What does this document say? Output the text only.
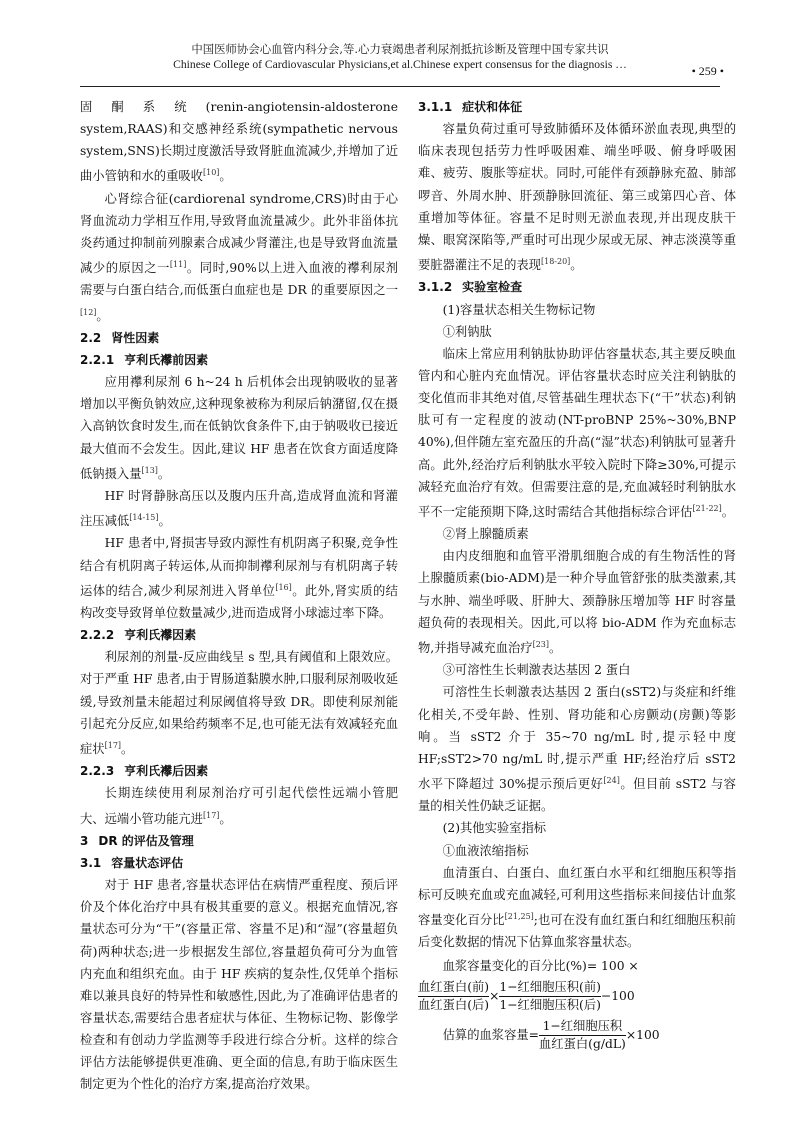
中国医师协会心血管内科分会,等.心力衰竭患者利尿剂抵抗诊断及管理中国专家共识
Chinese College of Cardiovascular Physicians,et al.Chinese expert consensus for the diagnosis …	• 259 •

固酮系统(renin-angiotensin-aldosterone system,RAAS)和交感神经系统(sympathetic nervous system,SNS)长期过度激活导致肾脏血流减少,并增加了近曲小管钠和水的重吸收[10]。

心肾综合征(cardiorenal syndrome,CRS)时由于心肾血流动力学相互作用,导致肾血流量减少。此外非甾体抗炎药通过抑制前列腺素合成减少肾灌注,也是导致肾血流量减少的原因之一[11]。同时,90%以上进入血液的襻利尿剂需要与白蛋白结合,而低蛋白血症也是 DR 的重要原因之一[12]。

2.2 肾性因素
2.2.1 亨利氏襻前因素

应用襻利尿剂 6 h~24 h 后机体会出现钠吸收的显著增加以平衡负钠效应,这种现象被称为利尿后钠潴留,仅在摄入高钠饮食时发生,而在低钠饮食条件下,由于钠吸收已接近最大值而不会发生。因此,建议 HF 患者在饮食方面适度降低钠摄入量[13]。

HF 时肾静脉高压以及腹内压升高,造成肾血流和肾灌注压减低[14-15]。

HF 患者中,肾损害导致内源性有机阴离子积聚,竞争性结合有机阴离子转运体,从而抑制襻利尿剂与有机阴离子转运体的结合,减少利尿剂进入肾单位[16]。此外,肾实质的结构改变导致肾单位数量减少,进而造成肾小球滤过率下降。

2.2.2 亨利氏襻因素

利尿剂的剂量-反应曲线呈 s 型,具有阈值和上限效应。对于严重 HF 患者,由于胃肠道黏膜水肿,口服利尿剂吸收延缓,导致剂量未能超过利尿阈值将导致 DR。即使利尿剂能引起充分反应,如果给药频率不足,也可能无法有效减轻充血症状[17]。

2.2.3 亨利氏襻后因素

长期连续使用利尿剂治疗可引起代偿性远端小管肥大、远端小管功能亢进[17]。

3 DR 的评估及管理
3.1 容量状态评估

对于 HF 患者,容量状态评估在病情严重程度、预后评价及个体化治疗中具有极其重要的意义。根据充血情况,容量状态可分为“干”(容量正常、容量不足)和“湿”(容量超负荷)两种状态;进一步根据发生部位,容量超负荷可分为血管内充血和组织充血。由于 HF 疾病的复杂性,仅凭单个指标难以兼具良好的特异性和敏感性,因此,为了准确评估患者的容量状态,需要结合患者症状与体征、生物标记物、影像学检查和有创动力学监测等手段进行综合分析。这样的综合评估方法能够提供更准确、更全面的信息,有助于临床医生制定更为个性化的治疗方案,提高治疗效果。

3.1.1 症状和体征

容量负荷过重可导致肺循环及体循环淤血表现,典型的临床表现包括劳力性呼吸困难、端坐呼吸、俯身呼吸困难、疲劳、腹胀等症状。同时,可能伴有颈静脉充盈、肺部啰音、外周水肿、肝颈静脉回流征、第三或第四心音、体重增加等体征。容量不足时则无淤血表现,并出现皮肤干燥、眼窝深陷等,严重时可出现少尿或无尿、神志淡漠等重要脏器灌注不足的表现[18-20]。

3.1.2 实验室检查

(1)容量状态相关生物标记物

①利钠肽

临床上常应用利钠肽协助评估容量状态,其主要反映血管内和心脏内充血情况。评估容量状态时应关注利钠肽的变化值而非其绝对值,尽管基础生理状态下(“干”状态)利钠肽可有一定程度的波动(NT-proBNP 25%~30%,BNP 40%),但伴随左室充盈压的升高(“湿”状态)利钠肽可显著升高。此外,经治疗后利钠肽水平较入院时下降≥30%,可提示减轻充血治疗有效。但需要注意的是,充血减轻时利钠肽水平不一定能预期下降,这时需结合其他指标综合评估[21-22]。

②肾上腺髓质素

由内皮细胞和血管平滑肌细胞合成的有生物活性的肾上腺髓质素(bio-ADM)是一种介导血管舒张的肽类激素,其与水肿、端坐呼吸、肝肿大、颈静脉压增加等 HF 时容量超负荷的表现相关。因此,可以将 bio-ADM 作为充血标志物,并指导减充血治疗[23]。

③可溶性生长刺激表达基因 2 蛋白

可溶性生长刺激表达基因 2 蛋白(sST2)与炎症和纤维化相关,不受年龄、性别、肾功能和心房颤动(房颤)等影响。当 sST2 介于 35~70 ng/mL 时,提示轻中度 HF;sST2>70 ng/mL 时,提示严重 HF;经治疗后 sST2 水平下降超过 30%提示预后更好[24]。但目前 sST2 与容量的相关性仍缺乏证据。

(2)其他实验室指标

①血液浓缩指标

血清蛋白、白蛋白、血红蛋白水平和红细胞压积等指标可反映充血或充血减轻,可利用这些指标来间接估计血浆容量变化百分比[21,25];也可在没有血红蛋白和红细胞压积前后变化数据的情况下估算血浆容量状态。

血浆容量变化的百分比(%)= 100 ×

$\frac{\text{血红蛋白(前)}}{\text{血红蛋白(后)}} \times \frac{\text{1−红细胞压积(前)}}{\text{1−红细胞压积(后)}} -100$
估算的血浆容量= $\frac{\text{1−红细胞压积}}{\text{血红蛋白(g/dL)}} \times 100$
